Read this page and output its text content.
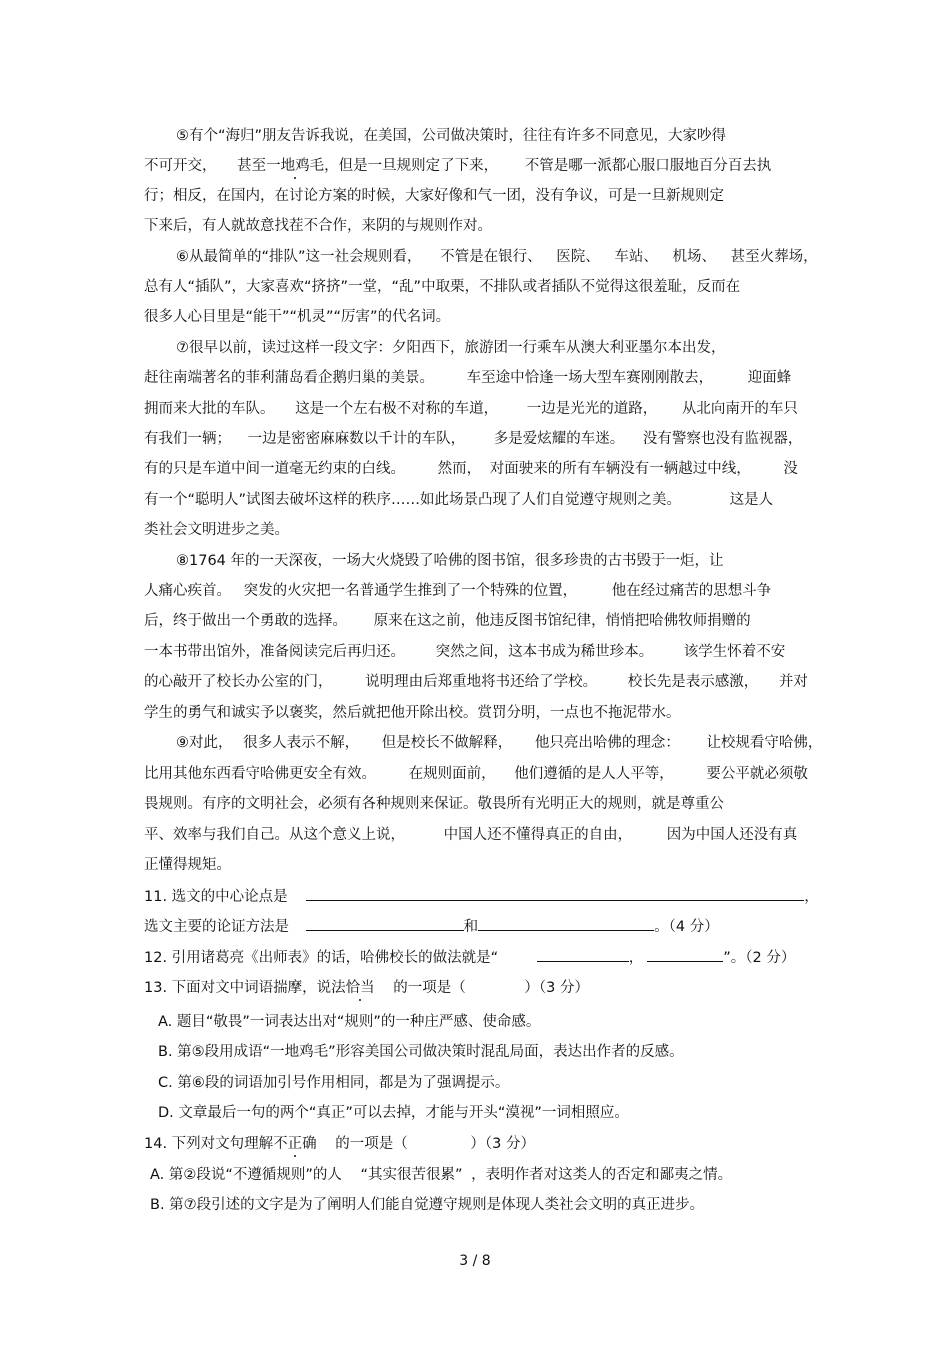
⑤有个“海归”朋友告诉我说，在美国，公司做决策时，往往有许多不同意见，大家吵得
不可开交， 甚至一地鸡毛，但是一旦规则定了下来， 不管是哪一派都心服口服地百分百去执
行；相反，在国内，在讨论方案的时候，大家好像和气一团，没有争议，可是一旦新规则定
下来后，有人就故意找茬不合作，来阴的与规则作对。
⑥从最简单的“排队”这一社会规则看， 不管是在银行、 医院、 车站、 机场、 甚至火葬场，
总有人“插队”，大家喜欢“挤挤”一堂，“乱”中取栗，不排队或者插队不觉得这很羞耻，反而在
很多人心目里是“能干”“机灵”“厉害”的代名词。
⑦很早以前，读过这样一段文字：夕阳西下，旅游团一行乘车从澳大利亚墨尔本出发，
赶往南端著名的菲利蒲岛看企鹅归巢的美景。 车至途中恰逢一场大型车赛刚刚散去， 迎面蜂
拥而来大批的车队。 这是一个左右极不对称的车道， 一边是光光的道路， 从北向南开的车只
有我们一辆； 一边是密密麻麻数以千计的车队， 多是爱炫耀的车迷。 没有警察也没有监视器，
有的只是车道中间一道毫无约束的白线。 然而， 对面驶来的所有车辆没有一辆越过中线， 没
有一个“聪明人”试图去破坏这样的秩序……如此场景凸现了人们自觉遵守规则之美。	这是人
类社会文明进步之美。
⑧1764 年的一天深夜，一场大火烧毁了哈佛的图书馆，很多珍贵的古书毁于一炬，让
人痛心疾首。 突发的火灾把一名普通学生推到了一个特殊的位置， 他在经过痛苦的思想斗争
后，终于做出一个勇敢的选择。 原来在这之前，他违反图书馆纪律，悄悄把哈佛牧师捐赠的
一本书带出馆外，准备阅读完后再归还。 突然之间，这本书成为稀世珍本。 该学生怀着不安
的心敲开了校长办公室的门， 说明理由后郑重地将书还给了学校。 校长先是表示感激， 并对
学生的勇气和诚实予以褒奖，然后就把他开除出校。赏罚分明，一点也不拖泥带水。
⑨对此， 很多人表示不解， 但是校长不做解释， 他只亮出哈佛的理念： 让校规看守哈佛，
比用其他东西看守哈佛更安全有效。 在规则面前， 他们遵循的是人人平等， 要公平就必须敬
畏规则。有序的文明社会，必须有各种规则来保证。敬畏所有光明正大的规则，就是尊重公
平、效率与我们自己。从这个意义上说，	中国人还不懂得真正的自由， 因为中国人还没有真
正懂得规矩。
11. 选文的中心论点是	，
选文主要的论证方法是	和	。（4 分）
12. 引用诸葛亮《出师表》的话，哈佛校长的做法就是“	，	”。（2 分）
13. 下面对文中词语揣摩，说法恰当 的一项是（	）（3 分）
A. 题目“敬畏”一词表达出对“规则”的一种庄严感、使命感。
B. 第⑤段用成语“一地鸡毛”形容美国公司做决策时混乱局面，表达出作者的反感。
C. 第⑥段的词语加引号作用相同，都是为了强调提示。
D. 文章最后一句的两个“真正”可以去掉，才能与开头“漠视”一词相照应。
14. 下列对文句理解不正确 的一项是（	）（3 分）
A. 第②段说“不遵循规则”的人 “其实很苦很累” ，表明作者对这类人的否定和鄙夷之情。
B. 第⑦段引述的文字是为了阐明人们能自觉遵守规则是体现人类社会文明的真正进步。
3 / 8
